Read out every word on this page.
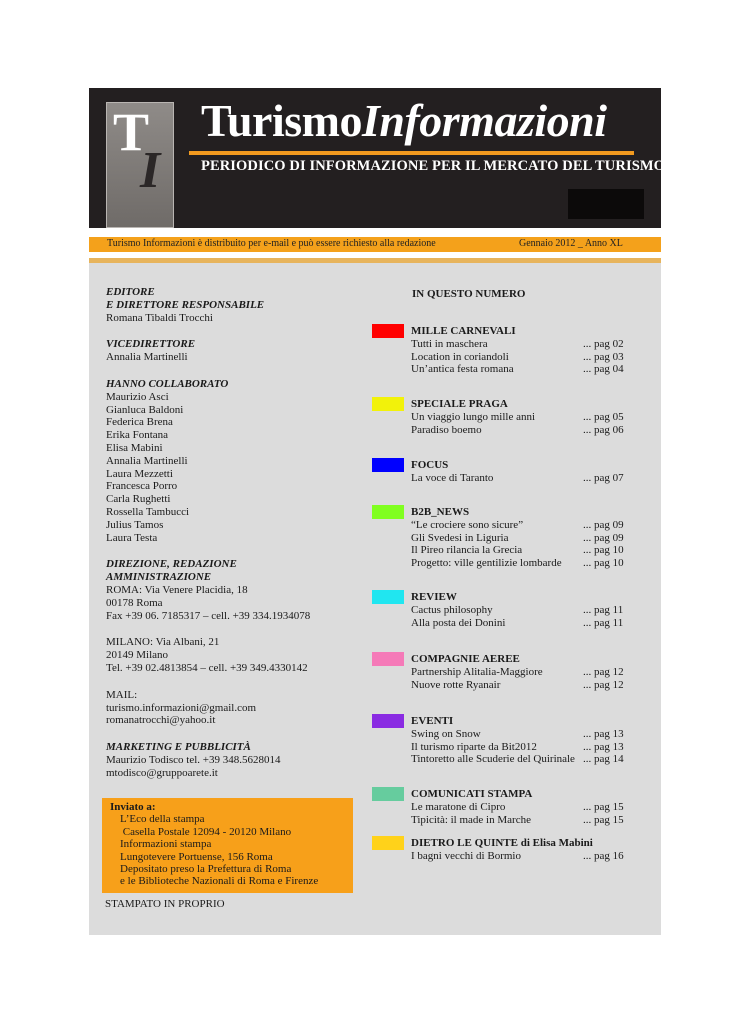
T
I
TurismoInformazioni
PERIODICO DI INFORMAZIONE PER IL MERCATO DEL TURISMO
Turismo Informazioni è distribuito per e-mail e può essere richiesto alla redazione	Gennaio 2012 _ Anno XL
EDITORE
E DIRETTORE RESPONSABILE
Romana Tibaldi Trocchi
VICEDIRETTORE
Annalia Martinelli
HANNO COLLABORATO
Maurizio Asci
Gianluca Baldoni
Federica Brena
Erika Fontana
Elisa Mabini
Annalia Martinelli
Laura Mezzetti
Francesca Porro
Carla Rughetti
Rossella Tambucci
Julius Tamos
Laura Testa
DIREZIONE, REDAZIONE
AMMINISTRAZIONE
ROMA: Via Venere Placidia, 18
00178 Roma
Fax +39 06. 7185317 – cell. +39 334.1934078
MILANO: Via Albani, 21
20149 Milano
Tel. +39 02.4813854 – cell. +39 349.4330142
MAIL:
turismo.informazioni@gmail.com
romanatrocchi@yahoo.it
MARKETING E PUBBLICITÀ
Maurizio Todisco tel. +39 348.5628014
mtodisco@gruppoarete.it
Inviato a:
L’Eco della stampa
Casella Postale 12094 - 20120 Milano
Informazioni stampa
Lungotevere Portuense, 156 Roma
Depositato preso la Prefettura di Roma
e le Biblioteche Nazionali di Roma e Firenze
STAMPATO IN PROPRIO
IN QUESTO NUMERO
MILLE CARNEVALI
Tutti in maschera	... pag 02
Location in coriandoli	... pag 03
Un’antica festa romana	... pag 04
SPECIALE PRAGA
Un viaggio lungo mille anni	... pag 05
Paradiso boemo	... pag 06
FOCUS
La voce di Taranto	... pag 07
B2B_NEWS
“Le crociere sono sicure”	... pag 09
Gli Svedesi in Liguria	... pag 09
Il Pireo rilancia la Grecia	... pag 10
Progetto: ville gentilizie lombarde ... pag 10
REVIEW
Cactus philosophy	... pag 11
Alla posta dei Donini	... pag 11
COMPAGNIE AEREE
Partnership Alitalia-Maggiore	... pag 12
Nuove rotte Ryanair	... pag 12
EVENTI
Swing on Snow	... pag 13
Il turismo riparte da Bit2012	... pag 13
Tintoretto alle Scuderie del Quirinale ... pag 14
COMUNICATI STAMPA
Le maratone di Cipro	... pag 15
Tipicità: il made in Marche	... pag 15
DIETRO LE QUINTE di Elisa Mabini
I bagni vecchi di Bormio	... pag 16
